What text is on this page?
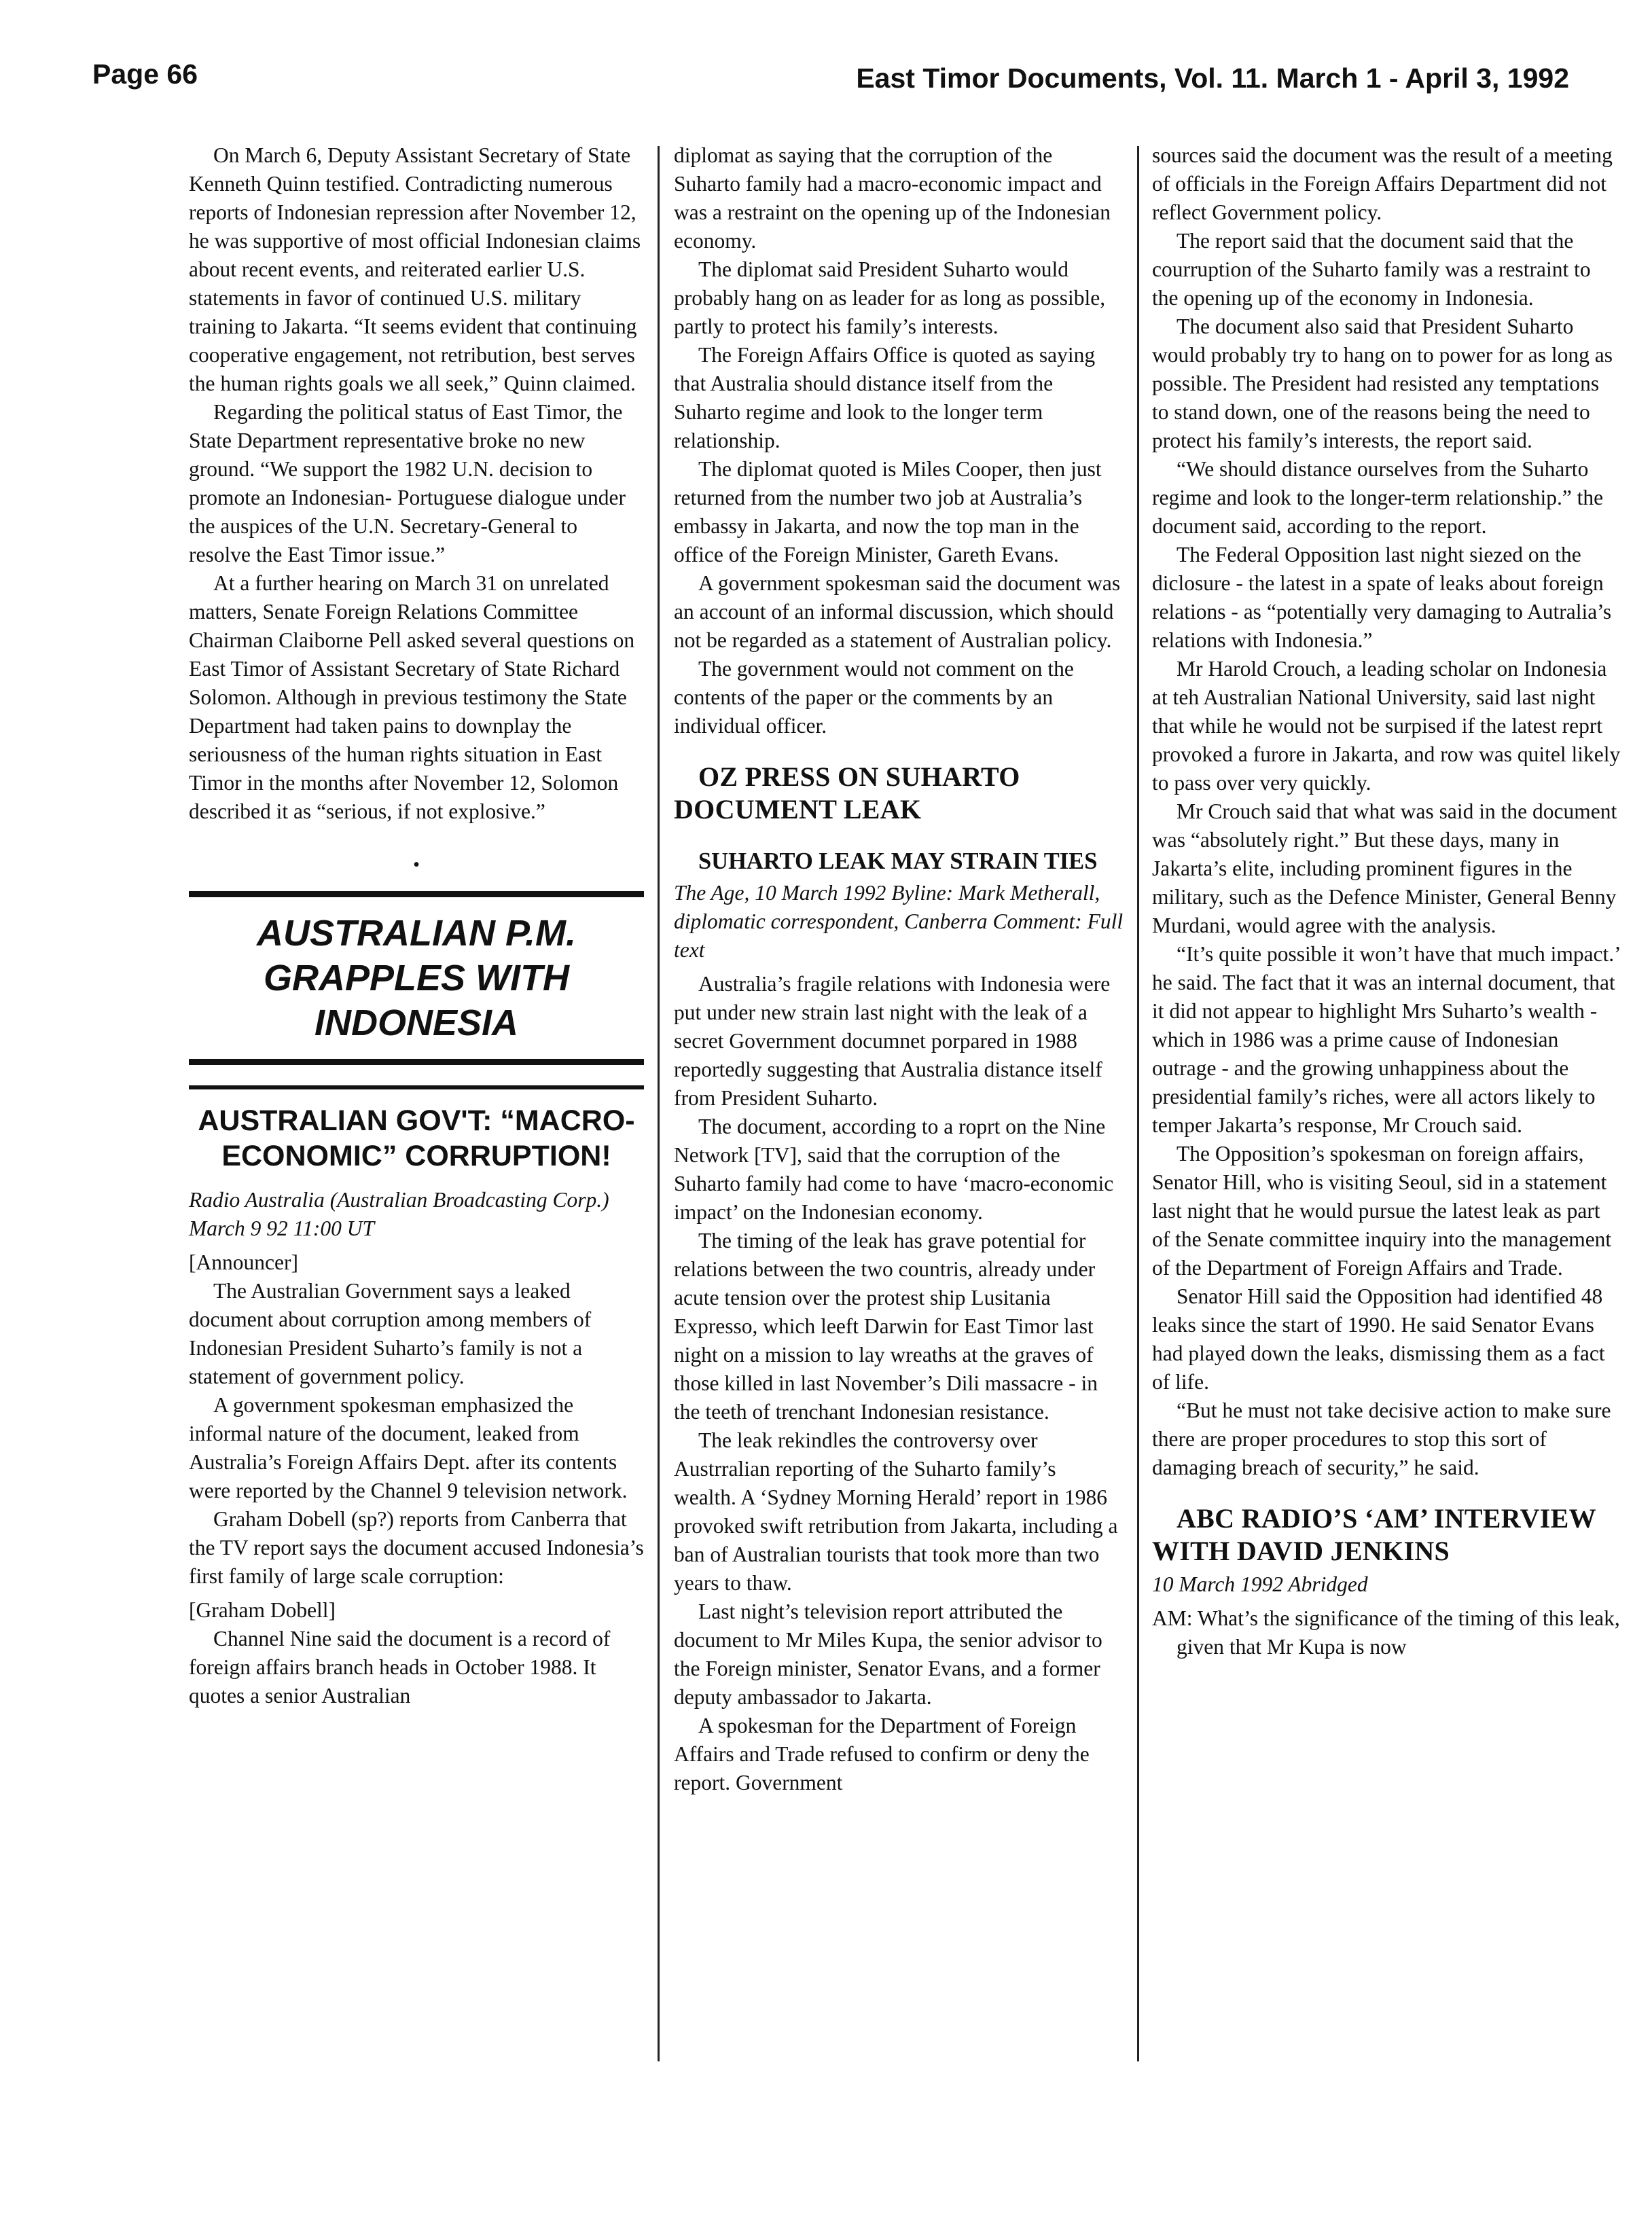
Page 66	East Timor Documents, Vol. 11. March 1 - April 3, 1992

On March 6, Deputy Assistant Secretary of State Kenneth Quinn testified. Contradicting numerous reports of Indonesian repression after November 12, he was supportive of most official Indonesian claims about recent events, and reiterated earlier U.S. statements in favor of continued U.S. military training to Jakarta. “It seems evident that continuing cooperative engagement, not retribution, best serves the human rights goals we all seek,” Quinn claimed.

Regarding the political status of East Timor, the State Department representative broke no new ground. “We support the 1982 U.N. decision to promote an Indonesian- Portuguese dialogue under the auspices of the U.N. Secretary-General to resolve the East Timor issue.”

At a further hearing on March 31 on unrelated matters, Senate Foreign Relations Committee Chairman Claiborne Pell asked several questions on East Timor of Assistant Secretary of State Richard Solomon. Although in previous testimony the State Department had taken pains to downplay the seriousness of the human rights situation in East Timor in the months after November 12, Solomon described it as “serious, if not explosive.”

•
AUSTRALIAN P.M. GRAPPLES WITH INDONESIA
AUSTRALIAN GOV'T: “MACRO-ECONOMIC” CORRUPTION!

Radio Australia (Australian Broadcasting Corp.) March 9 92 11:00 UT

[Announcer]

The Australian Government says a leaked document about corruption among members of Indonesian President Suharto’s family is not a statement of government policy.

A government spokesman emphasized the informal nature of the document, leaked from Australia’s Foreign Affairs Dept. after its contents were reported by the Channel 9 television network.

Graham Dobell (sp?) reports from Canberra that the TV report says the document accused Indonesia’s first family of large scale corruption:

[Graham Dobell]

Channel Nine said the document is a record of foreign affairs branch heads in October 1988. It quotes a senior Australian

diplomat as saying that the corruption of the Suharto family had a macro-economic impact and was a restraint on the opening up of the Indonesian economy.

The diplomat said President Suharto would probably hang on as leader for as long as possible, partly to protect his family’s interests.

The Foreign Affairs Office is quoted as saying that Australia should distance itself from the Suharto regime and look to the longer term relationship.

The diplomat quoted is Miles Cooper, then just returned from the number two job at Australia’s embassy in Jakarta, and now the top man in the office of the Foreign Minister, Gareth Evans.

A government spokesman said the document was an account of an informal discussion, which should not be regarded as a statement of Australian policy.

The government would not comment on the contents of the paper or the comments by an individual officer.

OZ PRESS ON SUHARTO DOCUMENT LEAK

SUHARTO LEAK MAY STRAIN TIES

The Age, 10 March 1992 Byline: Mark Metherall, diplomatic correspondent, Canberra Comment: Full text

Australia’s fragile relations with Indonesia were put under new strain last night with the leak of a secret Government documnet porpared in 1988 reportedly suggesting that Australia distance itself from President Suharto.

The document, according to a roprt on the Nine Network [TV], said that the corruption of the Suharto family had come to have ‘macro-economic impact’ on the Indonesian economy.

The timing of the leak has grave potential for relations between the two countris, already under acute tension over the protest ship Lusitania Expresso, which leeft Darwin for East Timor last night on a mission to lay wreaths at the graves of those killed in last November’s Dili massacre - in the teeth of trenchant Indonesian resistance.

The leak rekindles the controversy over Austrralian reporting of the Suharto family’s wealth. A ‘Sydney Morning Herald’ report in 1986 provoked swift retribution from Jakarta, including a ban of Australian tourists that took more than two years to thaw.

Last night’s television report attributed the document to Mr Miles Kupa, the senior advisor to the Foreign minister, Senator Evans, and a former deputy ambassador to Jakarta.

A spokesman for the Department of Foreign Affairs and Trade refused to confirm or deny the report. Government

sources said the document was the result of a meeting of officials in the Foreign Affairs Department did not reflect Government policy.

The report said that the document said that the courruption of the Suharto family was a restraint to the opening up of the economy in Indonesia.

The document also said that President Suharto would probably try to hang on to power for as long as possible. The President had resisted any temptations to stand down, one of the reasons being the need to protect his family’s interests, the report said.

“We should distance ourselves from the Suharto regime and look to the longer-term relationship.” the document said, according to the report.

The Federal Opposition last night siezed on the diclosure - the latest in a spate of leaks about foreign relations - as “potentially very damaging to Autralia’s relations with Indonesia.”

Mr Harold Crouch, a leading scholar on Indonesia at teh Australian National University, said last night that while he would not be surpised if the latest reprt provoked a furore in Jakarta, and row was quitel likely to pass over very quickly.

Mr Crouch said that what was said in the document was “absolutely right.” But these days, many in Jakarta’s elite, including prominent figures in the military, such as the Defence Minister, General Benny Murdani, would agree with the analysis.

“It’s quite possible it won’t have that much impact.’ he said. The fact that it was an internal document, that it did not appear to highlight Mrs Suharto’s wealth - which in 1986 was a prime cause of Indonesian outrage - and the growing unhappiness about the presidential family’s riches, were all actors likely to temper Jakarta’s response, Mr Crouch said.

The Opposition’s spokesman on foreign affairs, Senator Hill, who is visiting Seoul, sid in a statement last night that he would pursue the latest leak as part of the Senate committee inquiry into the management of the Department of Foreign Affairs and Trade.

Senator Hill said the Opposition had identified 48 leaks since the start of 1990. He said Senator Evans had played down the leaks, dismissing them as a fact of life.

“But he must not take decisive action to make sure there are proper procedures to stop this sort of damaging breach of security,” he said.

ABC RADIO’S ‘AM’ INTERVIEW WITH DAVID JENKINS

10 March 1992 Abridged

AM: What’s the significance of the timing of this leak, given that Mr Kupa is now
